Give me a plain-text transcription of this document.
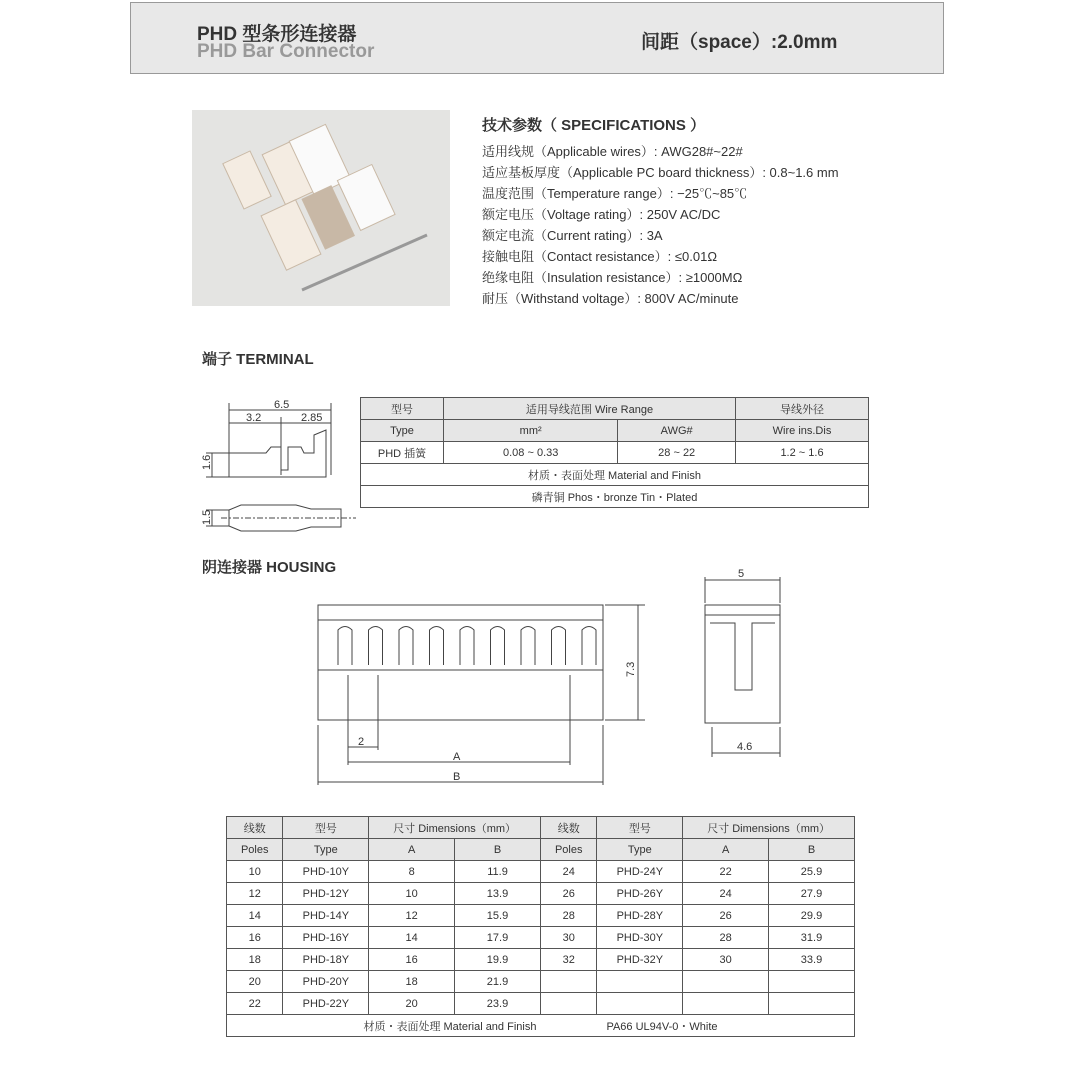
PHD 型条形连接器
PHD Bar Connector	间距（space）:2.0mm
技术参数（ SPECIFICATIONS ）
适用线规（Applicable wires）: AWG28#~22#
适应基板厚度（Applicable PC board thickness）: 0.8~1.6 mm
温度范围（Temperature range）: −25℃~85℃
额定电压（Voltage rating）: 250V AC/DC
额定电流（Current rating）: 3A
接触电阻（Contact resistance）: ≤0.01Ω
绝缘电阻（Insulation resistance）: ≥1000MΩ
耐压（Withstand voltage）: 800V AC/minute
端子 TERMINAL
6.5
3.2	2.85
1.6
1.5
型号	适用导线范围 Wire Range		导线外径
Type	mm²	AWG#	Wire ins.Dis
PHD 插簧	0.08 ~ 0.33	28 ~ 22	1.2 ~ 1.6
材质・表面处理 Material and Finish			
磷青铜 Phos・bronze Tin・Plated			
阴连接器 HOUSING
2
A
B
7.3
5
4.6
线数	型号	尺寸 Dimensions（mm）		线数	型号	尺寸 Dimensions（mm）	
Poles	Type	A	B	Poles	Type	A	B
10	PHD-10Y	8	11.9	24	PHD-24Y	22	25.9
12	PHD-12Y	10	13.9	26	PHD-26Y	24	27.9
14	PHD-14Y	12	15.9	28	PHD-28Y	26	29.9
16	PHD-16Y	14	17.9	30	PHD-30Y	28	31.9
18	PHD-18Y	16	19.9	32	PHD-32Y	30	33.9
20	PHD-20Y	18	21.9				
22	PHD-22Y	20	23.9				
材质・表面处理 Material and Finish PA66 UL94V-0・White							
